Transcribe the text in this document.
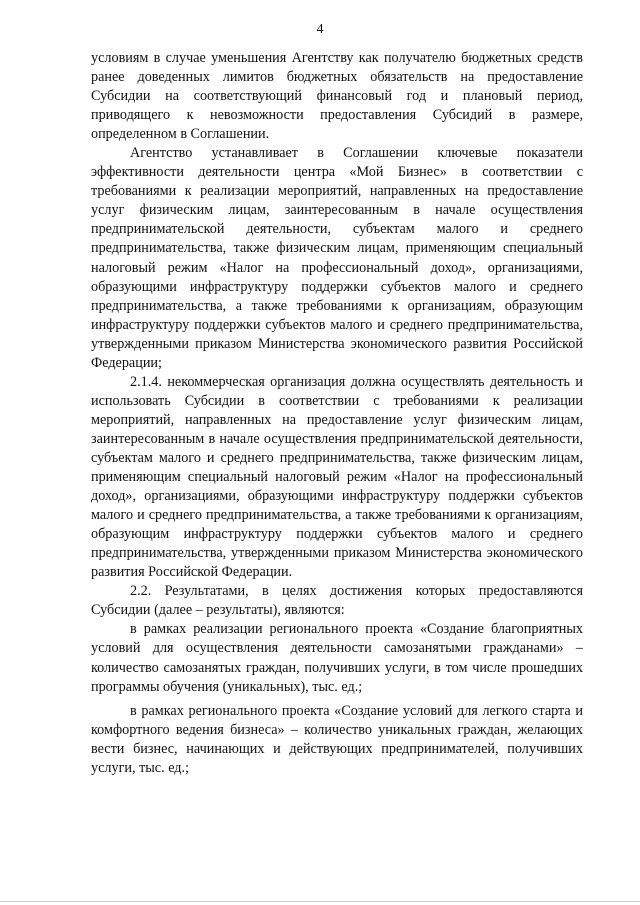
4

условиям в случае уменьшения Агентству как получателю бюджетных средств ранее доведенных лимитов бюджетных обязательств на предоставление Субсидии на соответствующий финансовый год и плановый период, приводящего к невозможности предоставления Субсидий в размере, определенном в Соглашении.

Агентство устанавливает в Соглашении ключевые показатели эффективности деятельности центра «Мой Бизнес» в соответствии с требованиями к реализации мероприятий, направленных на предоставление услуг физическим лицам, заинтересованным в начале осуществления предпринимательской деятельности, субъектам малого и среднего предпринимательства, также физическим лицам, применяющим специальный налоговый режим «Налог на профессиональный доход», организациями, образующими инфраструктуру поддержки субъектов малого и среднего предпринимательства, а также требованиями к организациям, образующим инфраструктуру поддержки субъектов малого и среднего предпринимательства, утвержденными приказом Министерства экономического развития Российской Федерации;

2.1.4. некоммерческая организация должна осуществлять деятельность и использовать Субсидии в соответствии с требованиями к реализации мероприятий, направленных на предоставление услуг физическим лицам, заинтересованным в начале осуществления предпринимательской деятельности, субъектам малого и среднего предпринимательства, также физическим лицам, применяющим специальный налоговый режим «Налог на профессиональный доход», организациями, образующими инфраструктуру поддержки субъектов малого и среднего предпринимательства, а также требованиями к организациям, образующим инфраструктуру поддержки субъектов малого и среднего предпринимательства, утвержденными приказом Министерства экономического развития Российской Федерации.

2.2. Результатами, в целях достижения которых предоставляются Субсидии (далее – результаты), являются:

в рамках реализации регионального проекта «Создание благоприятных условий для осуществления деятельности самозанятыми гражданами» – количество самозанятых граждан, получивших услуги, в том числе прошедших программы обучения (уникальных), тыс. ед.;

в рамках регионального проекта «Создание условий для легкого старта и комфортного ведения бизнеса» – количество уникальных граждан, желающих вести бизнес, начинающих и действующих предпринимателей, получивших услуги, тыс. ед.;
